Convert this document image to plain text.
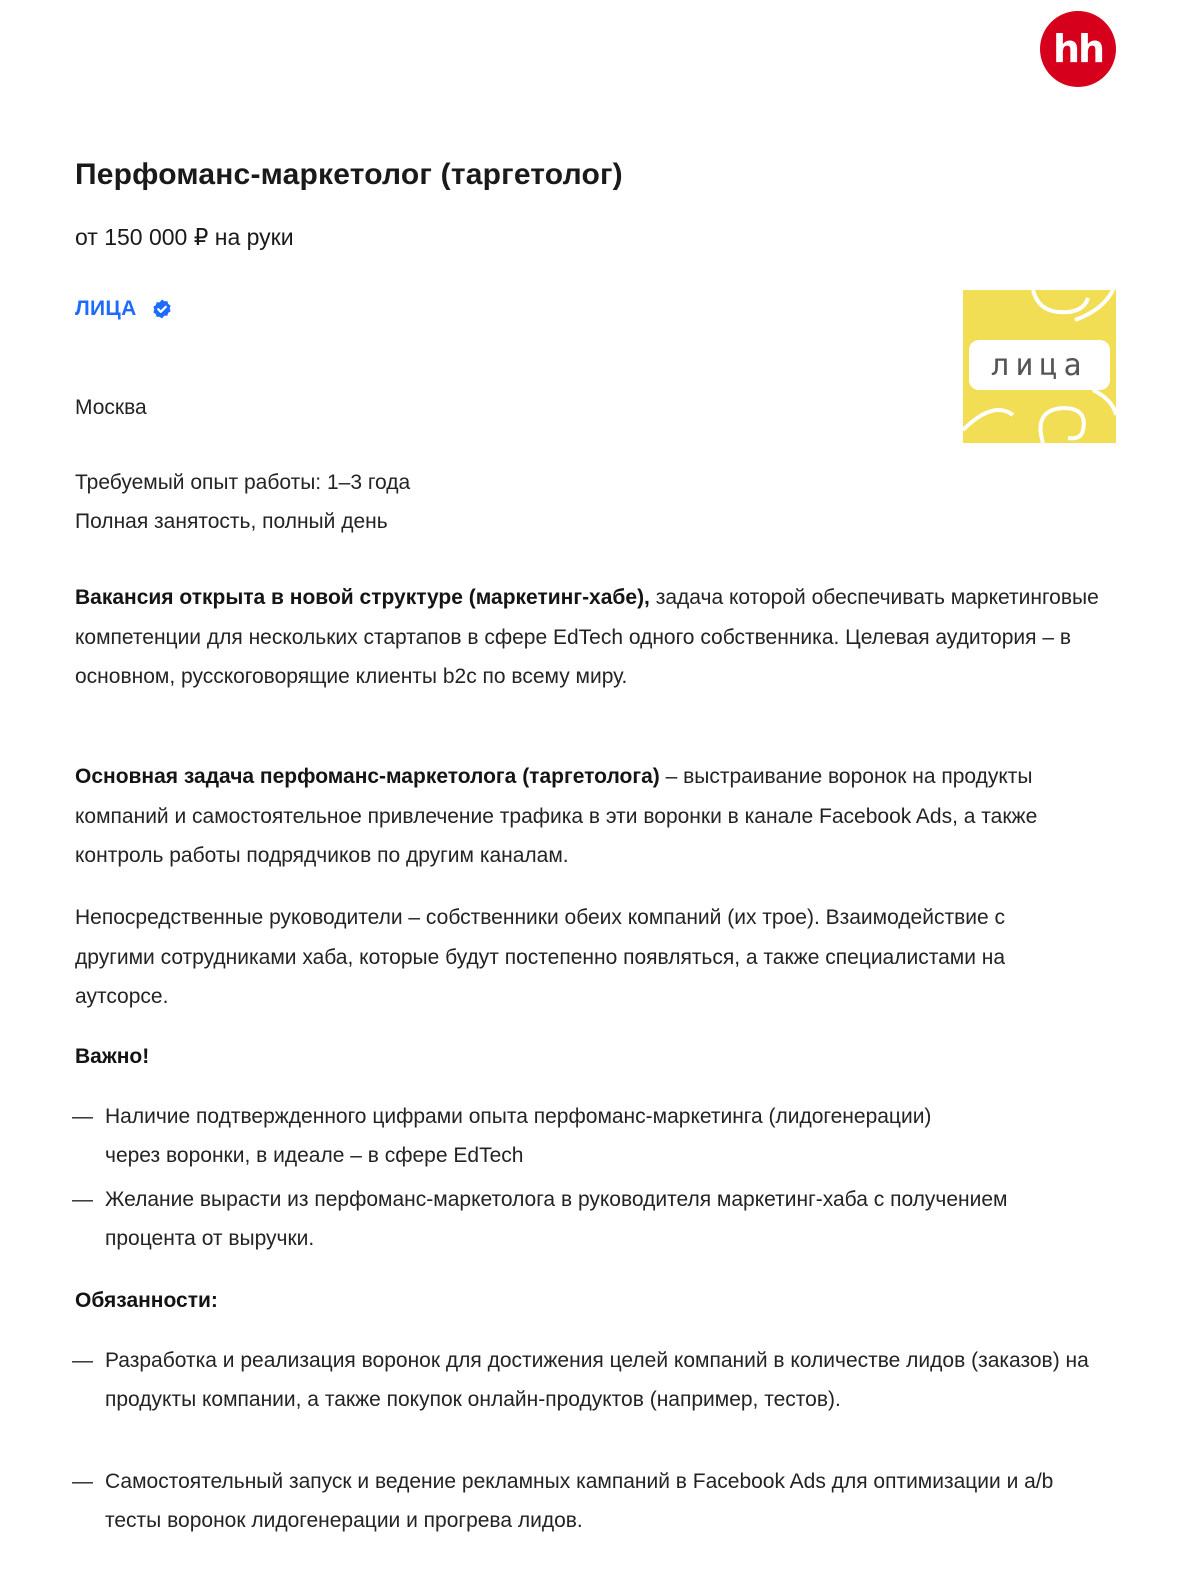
hh
Перфоманс-маркетолог (таргетолог)
от 150 000 ₽ на руки
ЛИЦА
лица
Москва
Требуемый опыт работы: 1–3 года
Полная занятость, полный день

Вакансия открыта в новой структуре (маркетинг-хабе), задача которой обеспечивать маркетинговые компетенции для нескольких стартапов в сфере EdTech одного собственника. Целевая аудитория – в основном, русскоговорящие клиенты b2c по всему миру.

Основная задача перфоманс-маркетолога (таргетолога) – выстраивание воронок на продукты компаний и самостоятельное привлечение трафика в эти воронки в канале Facebook Ads, а также контроль работы подрядчиков по другим каналам.

Непосредственные руководители – собственники обеих компаний (их трое). Взаимодействие с другими сотрудниками хаба, которые будут постепенно появляться, а также специалистами на аутсорсе.

Важно!
— Наличие подтвержденного цифрами опыта перфоманс-маркетинга (лидогенерации) через воронки, в идеале – в сфере EdTech
— Желание вырасти из перфоманс-маркетолога в руководителя маркетинг-хаба с получением процента от выручки.
Обязанности:
— Разработка и реализация воронок для достижения целей компаний в количестве лидов (заказов) на продукты компании, а также покупок онлайн-продуктов (например, тестов).
— Самостоятельный запуск и ведение рекламных кампаний в Facebook Ads для оптимизации и a/b тесты воронок лидогенерации и прогрева лидов.
